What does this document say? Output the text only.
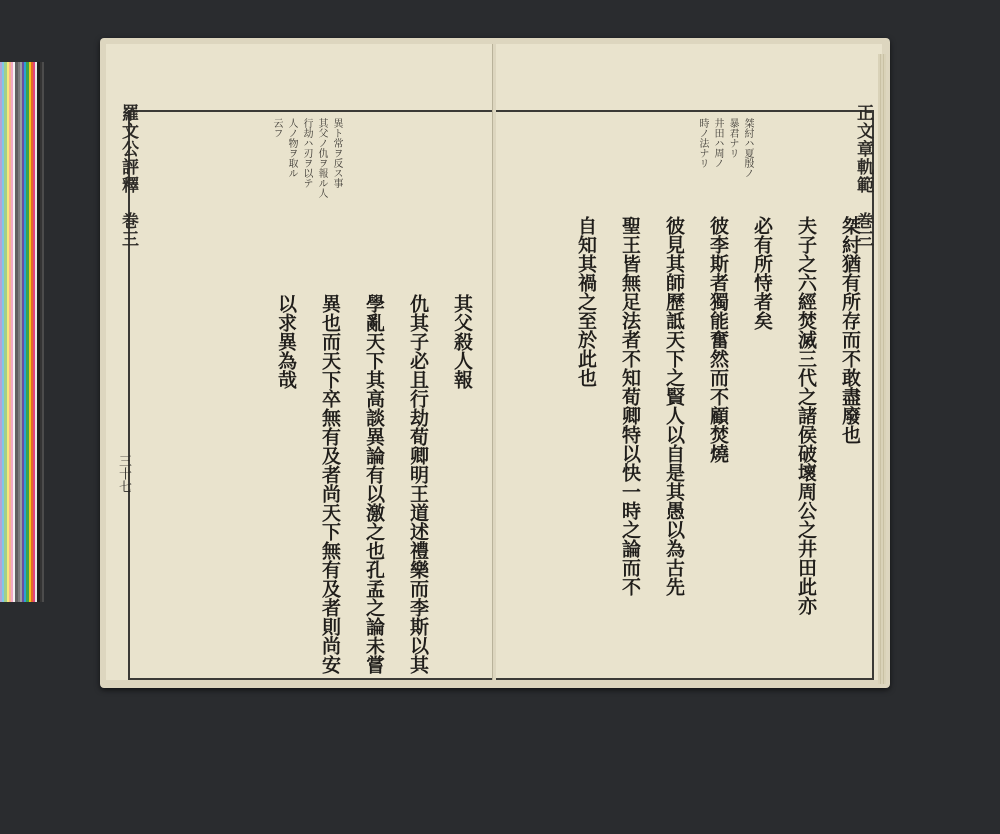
羅文公評釋　巻三
三十七
異ト常ヲ反ス事
其父ノ仇ヲ報ル人
行劫ハ刃ヲ以テ
人ノ物ヲ取ル
云フ
其父殺人報
仇其子必且行劫荀卿明王道述禮樂而李斯以其
學亂天下其高談異論有以激之也孔孟之論未嘗
異也而天下卒無有及者尚天下無有及者則尚安
以求異為哉
正文章軌範　巻三
桀紂ハ夏殷ノ
暴君ナリ
井田ハ周ノ
時ノ法ナリ
桀紂猶有所存而不敢盡廢也
夫子之六經焚滅三代之諸侯破壞周公之井田此亦
必有所恃者矣
彼李斯者獨能奮然而不顧焚燒
彼見其師歷詆天下之賢人以自是其愚以為古先
聖王皆無足法者不知荀卿特以快一時之論而不
自知其禍之至於此也
